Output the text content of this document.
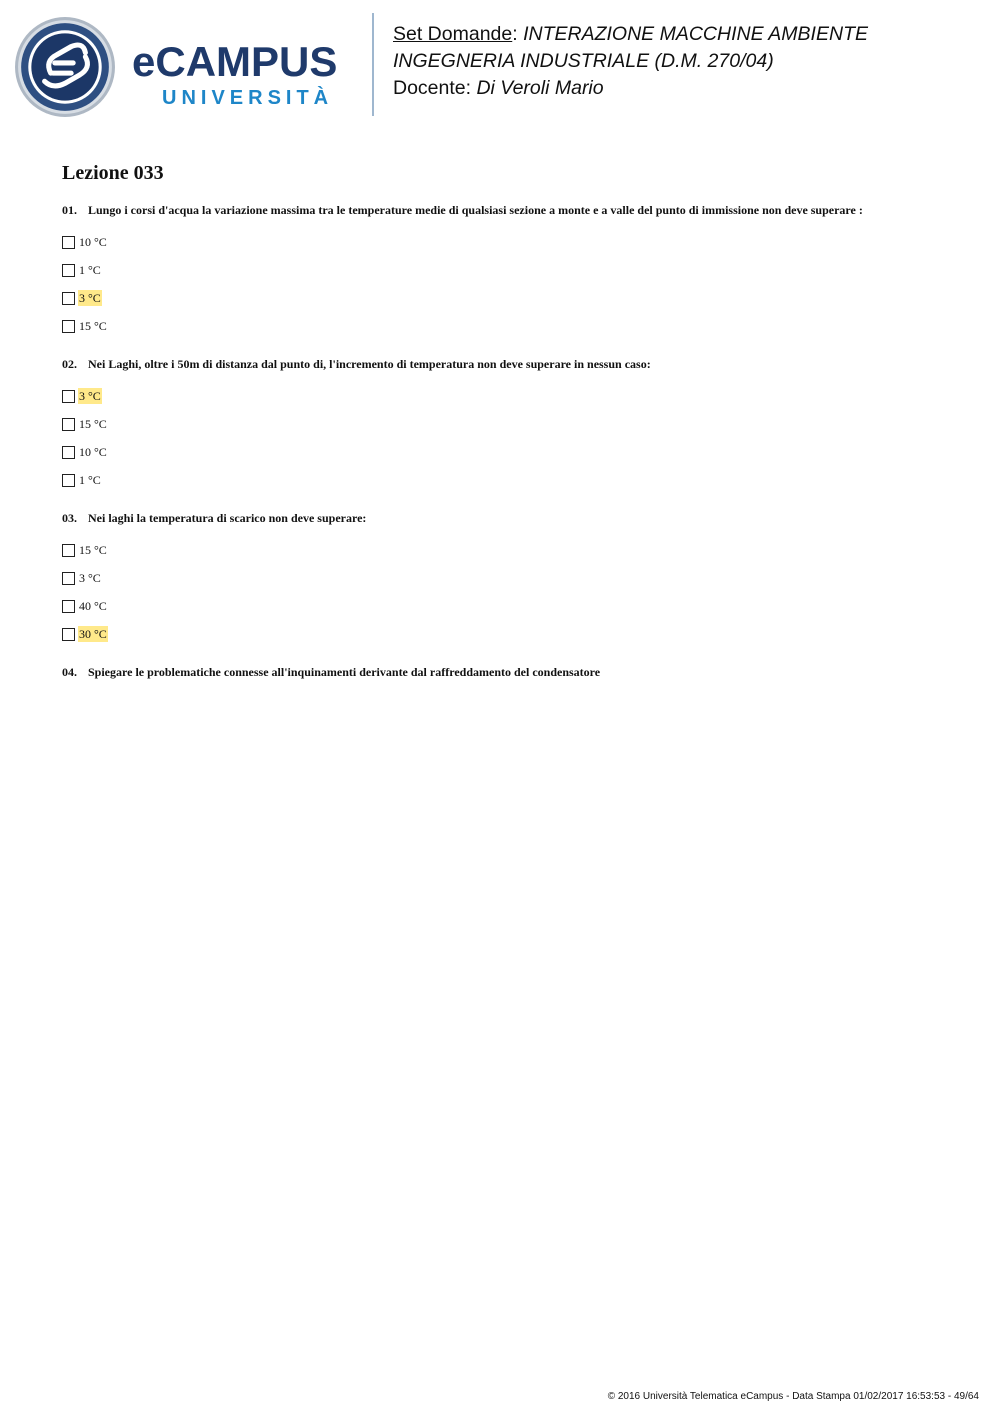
eCAMPUS
UNIVERSITÀ
Set Domande: INTERAZIONE MACCHINE AMBIENTE
INGEGNERIA INDUSTRIALE (D.M. 270/04)
Docente: Di Veroli Mario
Lezione 033
01. Lungo i corsi d'acqua la variazione massima tra le temperature medie di qualsiasi sezione a monte e a valle del punto di immissione non deve superare :
10 °C
1 °C
3 °C
15 °C
02. Nei Laghi, oltre i 50m di distanza dal punto di, l'incremento di temperatura non deve superare in nessun caso:
3 °C
15 °C
10 °C
1 °C
03. Nei laghi la temperatura di scarico non deve superare:
15 °C
3 °C
40 °C
30 °C
04. Spiegare le problematiche connesse all'inquinamenti derivante dal raffreddamento del condensatore
© 2016 Università Telematica eCampus - Data Stampa 01/02/2017 16:53:53 - 49/64
